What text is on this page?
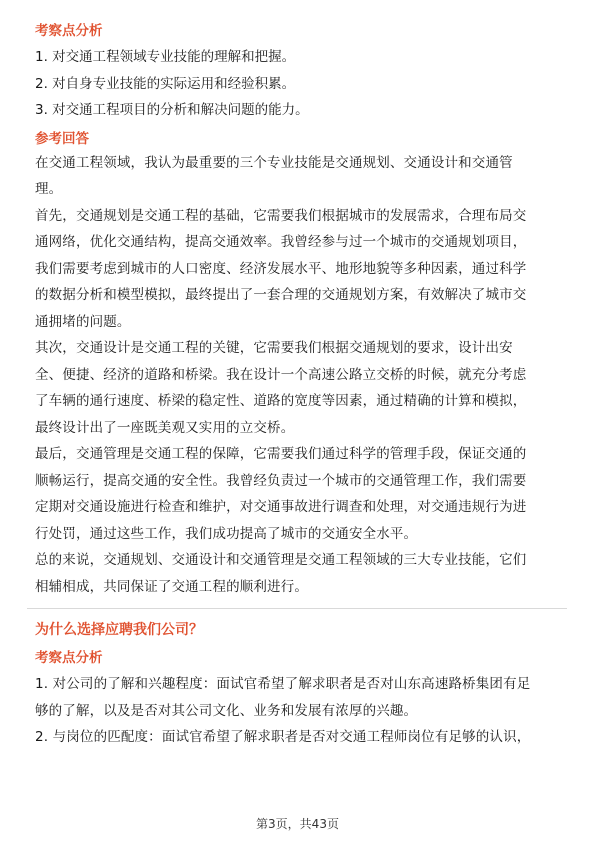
考察点分析

1. 对交通工程领域专业技能的理解和把握。

2. 对自身专业技能的实际运用和经验积累。

3. 对交通工程项目的分析和解决问题的能力。

参考回答

在交通工程领域，我认为最重要的三个专业技能是交通规划、交通设计和交通管

理。

首先，交通规划是交通工程的基础，它需要我们根据城市的发展需求，合理布局交

通网络，优化交通结构，提高交通效率。我曾经参与过一个城市的交通规划项目，

我们需要考虑到城市的人口密度、经济发展水平、地形地貌等多种因素，通过科学

的数据分析和模型模拟，最终提出了一套合理的交通规划方案，有效解决了城市交

通拥堵的问题。

其次，交通设计是交通工程的关键，它需要我们根据交通规划的要求，设计出安

全、便捷、经济的道路和桥梁。我在设计一个高速公路立交桥的时候，就充分考虑

了车辆的通行速度、桥梁的稳定性、道路的宽度等因素，通过精确的计算和模拟，

最终设计出了一座既美观又实用的立交桥。

最后，交通管理是交通工程的保障，它需要我们通过科学的管理手段，保证交通的

顺畅运行，提高交通的安全性。我曾经负责过一个城市的交通管理工作，我们需要

定期对交通设施进行检查和维护，对交通事故进行调查和处理，对交通违规行为进

行处罚，通过这些工作，我们成功提高了城市的交通安全水平。

总的来说，交通规划、交通设计和交通管理是交通工程领域的三大专业技能，它们

相辅相成，共同保证了交通工程的顺利进行。

为什么选择应聘我们公司？

考察点分析

1. 对公司的了解和兴趣程度：面试官希望了解求职者是否对山东高速路桥集团有足

够的了解，以及是否对其公司文化、业务和发展有浓厚的兴趣。

2. 与岗位的匹配度：面试官希望了解求职者是否对交通工程师岗位有足够的认识，

第3页，共43页
